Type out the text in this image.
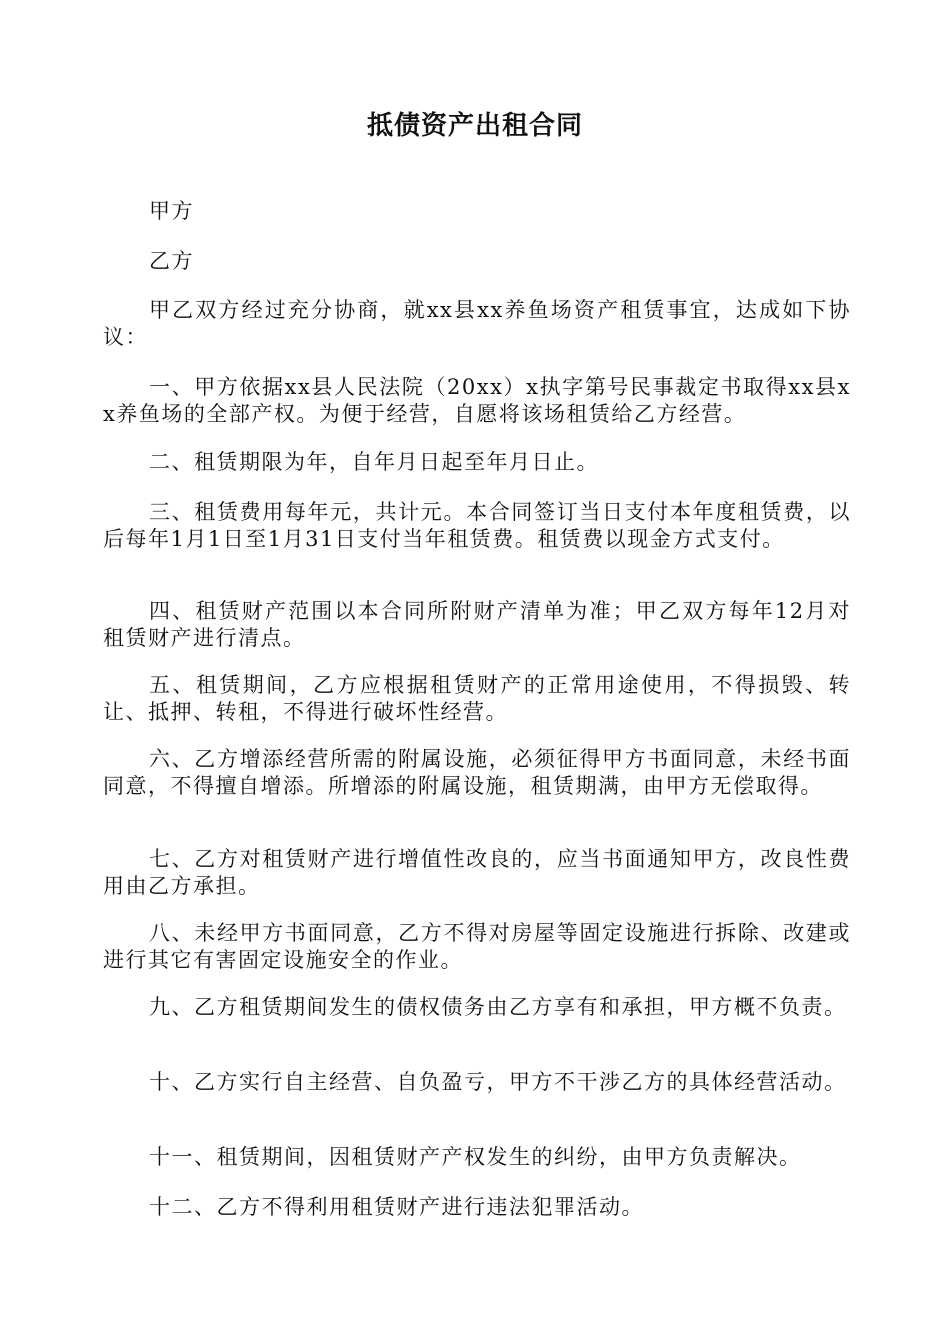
抵债资产出租合同

甲方

乙方

甲乙双方经过充分协商，就xx县xx养鱼场资产租赁事宜，达成如下协议：

一、甲方依据xx县人民法院（20xx）x执字第号民事裁定书取得xx县xx养鱼场的全部产权。为便于经营，自愿将该场租赁给乙方经营。

二、租赁期限为年，自年月日起至年月日止。

三、租赁费用每年元，共计元。本合同签订当日支付本年度租赁费，以后每年1月1日至1月31日支付当年租赁费。租赁费以现金方式支付。

四、租赁财产范围以本合同所附财产清单为准；甲乙双方每年12月对租赁财产进行清点。

五、租赁期间，乙方应根据租赁财产的正常用途使用，不得损毁、转让、抵押、转租，不得进行破坏性经营。

六、乙方增添经营所需的附属设施，必须征得甲方书面同意，未经书面同意，不得擅自增添。所增添的附属设施，租赁期满，由甲方无偿取得。

七、乙方对租赁财产进行增值性改良的，应当书面通知甲方，改良性费用由乙方承担。

八、未经甲方书面同意，乙方不得对房屋等固定设施进行拆除、改建或进行其它有害固定设施安全的作业。

九、乙方租赁期间发生的债权债务由乙方享有和承担，甲方概不负责。

十、乙方实行自主经营、自负盈亏，甲方不干涉乙方的具体经营活动。

十一、租赁期间，因租赁财产产权发生的纠纷，由甲方负责解决。

十二、乙方不得利用租赁财产进行违法犯罪活动。
